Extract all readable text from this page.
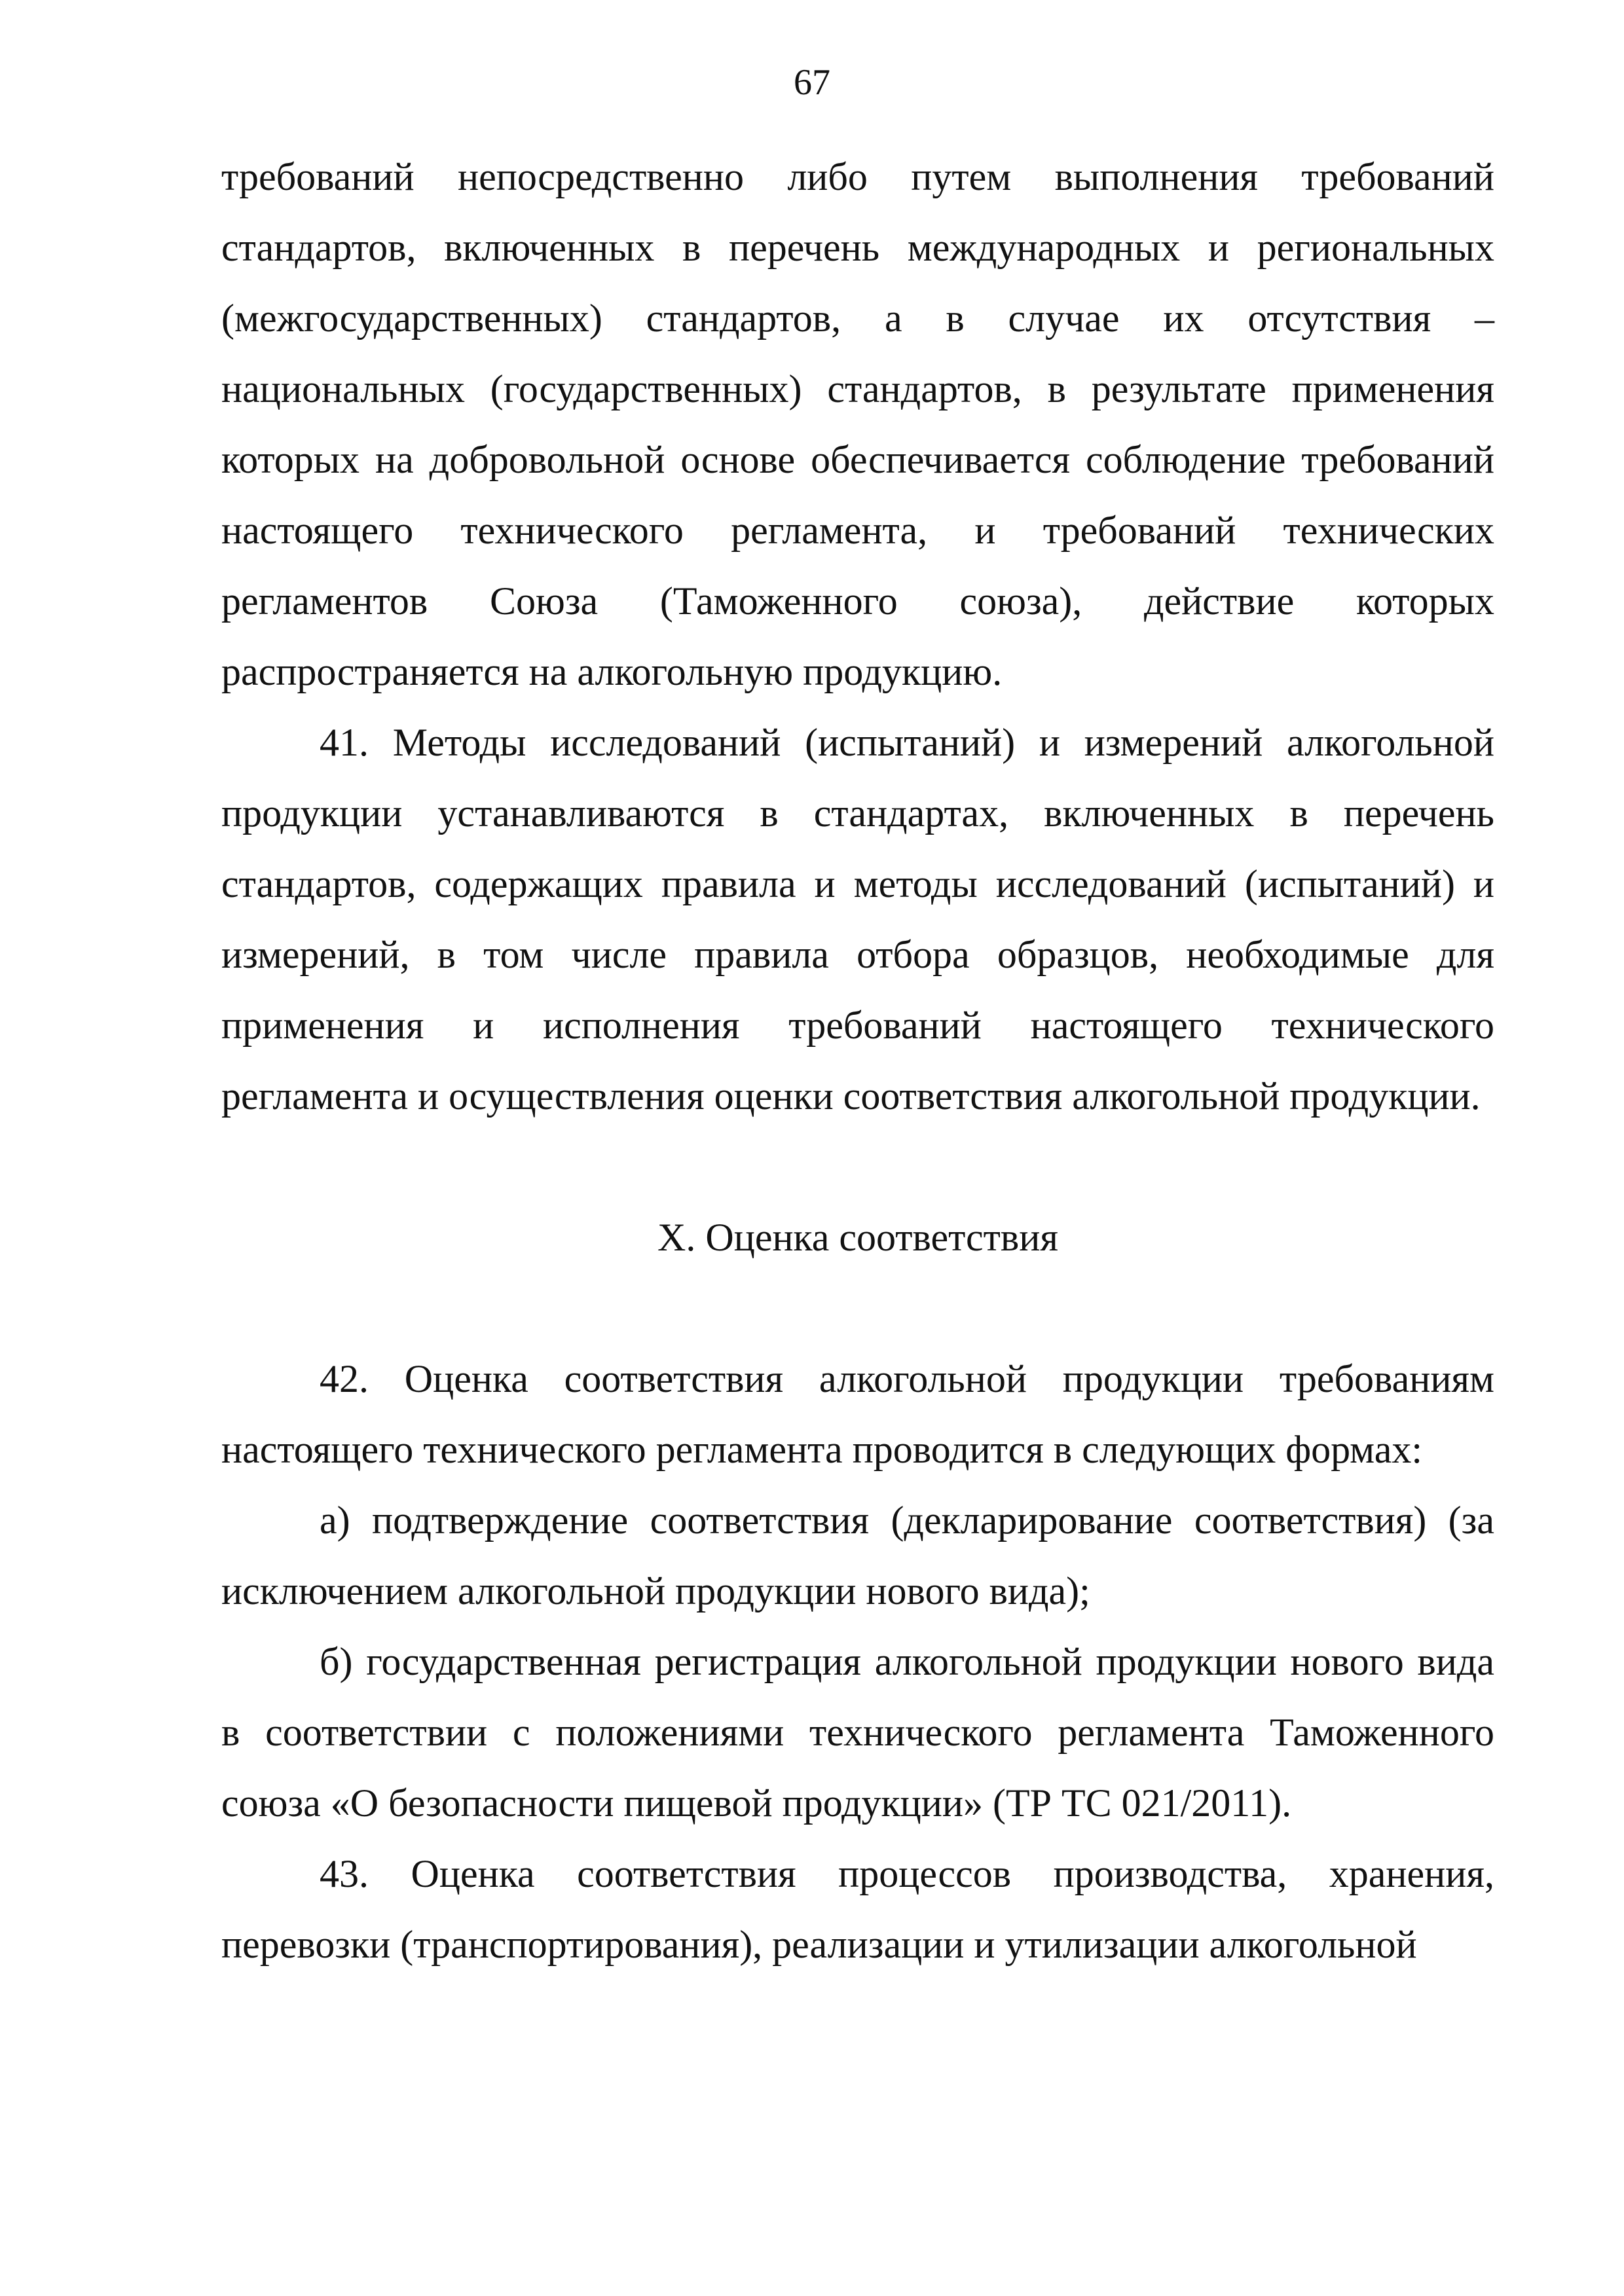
67

требований непосредственно либо путем выполнения требований стандартов, включенных в перечень международных и региональных (межгосударственных) стандартов, а в случае их отсутствия – национальных (государственных) стандартов, в результате применения которых на добровольной основе обеспечивается соблюдение требований настоящего технического регламента, и требований технических регламентов Союза (Таможенного союза), действие которых распространяется на алкогольную продукцию.

41. Методы исследований (испытаний) и измерений алкогольной продукции устанавливаются в стандартах, включенных в перечень стандартов, содержащих правила и методы исследований (испытаний) и измерений, в том числе правила отбора образцов, необходимые для применения и исполнения требований настоящего технического регламента и осуществления оценки соответствия алкогольной продукции.

X. Оценка соответствия

42. Оценка соответствия алкогольной продукции требованиям настоящего технического регламента проводится в следующих формах:

а) подтверждение соответствия (декларирование соответствия) (за исключением алкогольной продукции нового вида);

б) государственная регистрация алкогольной продукции нового вида в соответствии с положениями технического регламента Таможенного союза «О безопасности пищевой продукции» (ТР ТС 021/2011).

43. Оценка соответствия процессов производства, хранения, перевозки (транспортирования), реализации и утилизации алкогольной
